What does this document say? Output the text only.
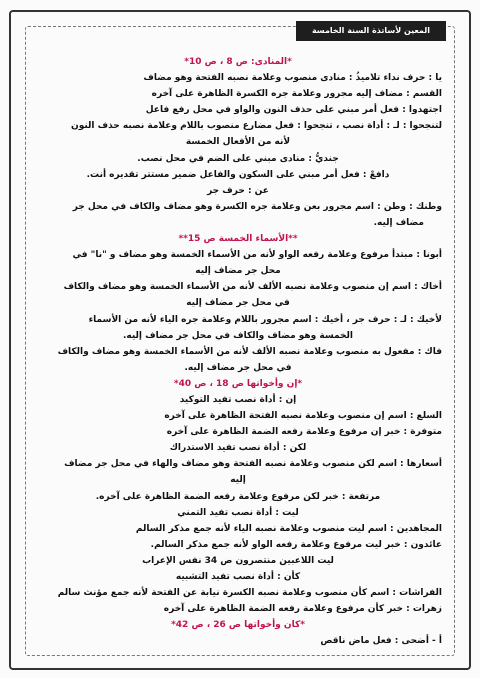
المعين لأساتذة السنة الخامسة
*المنادى: ص 8 ، ص 10*
يا : حرف نداء تلاميذُ : منادى منصوب وعلامة نصبه الفتحة وهو مضاف
القسم : مضاف إليه مجرور وعلامة جره الكسرة الظاهرة على آخره
اجتهدوا : فعل أمر مبني على حذف النون والواو في محل رفع فاعل
لتنجحوا : لـ : أداة نصب ، تنجحوا : فعل مضارع منصوب باللام وعلامة نصبه حذف النون
لأنه من الأفعال الخمسة
جنديُّ : منادى مبني على الضم في محل نصب.
دافعْ : فعل أمر مبني على السكون والفاعل ضمير مستتر تقديره أنت.
عن : حرف جر
وطنك : وطن : اسم مجرور بعن وعلامة جره الكسرة وهو مضاف والكاف في محل جر
مضاف إليه.
**الأسماء الخمسة ص 15**
أبونا : مبتدأ مرفوع وعلامة رفعه الواو لأنه من الأسماء الخمسة وهو مضاف و "نا" في
محل جر مضاف إليه
أخاك : اسم إن منصوب وعلامة نصبه الألف لأنه من الأسماء الخمسة وهو مضاف والكاف
في محل جر مضاف إليه
لأخيك : لـ : حرف جر ، أخيك : اسم مجرور باللام وعلامة جره الياء لأنه من الأسماء
الخمسة وهو مضاف والكاف في محل جر مضاف إليه.
فاك : مفعول به منصوب وعلامة نصبه الألف لأنه من الأسماء الخمسة وهو مضاف والكاف
في محل جر مضاف إليه.
*إن وأخواتها ص 18 ، ص 40*
إن : أداة نصب تفيد التوكيد
السلع : اسم إن منصوب وعلامة نصبه الفتحة الظاهرة على آخره
متوفرة : خبر إن مرفوع وعلامة رفعه الضمة الظاهرة على آخره
لكن : أداة نصب تفيد الاستدراك
أسعارها : اسم لكن منصوب وعلامة نصبه الفتحة وهو مضاف والهاء في محل جر مضاف
إليه
مرتفعة : خبر لكن مرفوع وعلامة رفعه الضمة الظاهرة على آخره.
ليت : أداة نصب تفيد التمني
المجاهدين : اسم ليت منصوب وعلامة نصبه الياء لأنه جمع مذكر السالم
عائدون : خبر ليت مرفوع وعلامة رفعه الواو لأنه جمع مذكر السالم.
ليت اللاعبين منتصرون ص 34 نفس الإعراب
كأن : أداة نصب تفيد التشبيه
الفراشات : اسم كأن منصوب وعلامة نصبه الكسرة نيابة عن الفتحة لأنه جمع مؤنث سالم
زهرات : خبر كأن مرفوع وعلامة رفعه الضمة الظاهرة على آخره
*كان وأخواتها ص 26 ، ص 42*
أ - أضحى : فعل ماض ناقص
